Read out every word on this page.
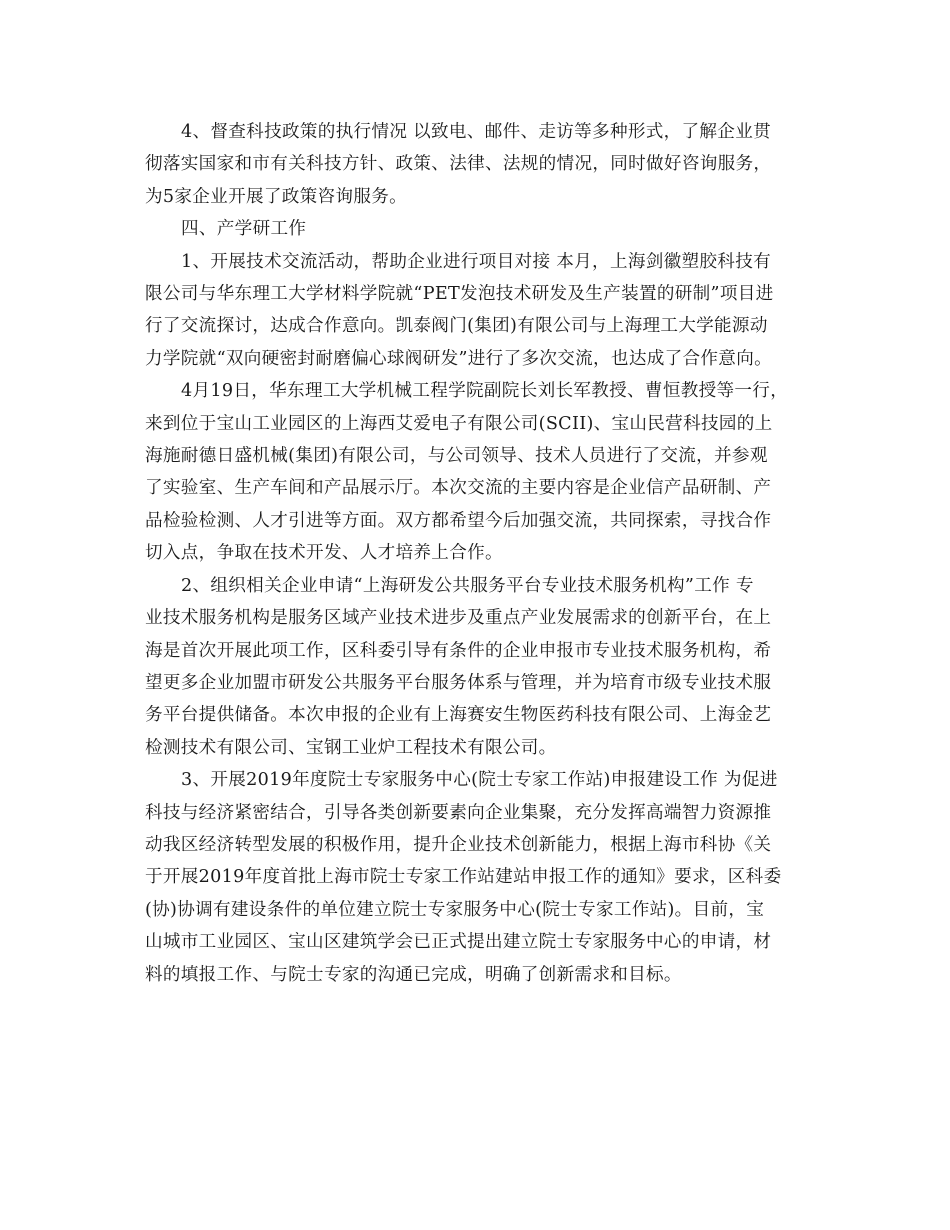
4、督查科技政策的执行情况 以致电、邮件、走访等多种形式，了解企业贯
彻落实国家和市有关科技方针、政策、法律、法规的情况，同时做好咨询服务，
为5家企业开展了政策咨询服务。

四、产学研工作

1、开展技术交流活动，帮助企业进行项目对接 本月，上海剑徽塑胶科技有
限公司与华东理工大学材料学院就“PET发泡技术研发及生产装置的研制”项目进
行了交流探讨，达成合作意向。凯泰阀门(集团)有限公司与上海理工大学能源动
力学院就“双向硬密封耐磨偏心球阀研发”进行了多次交流，也达成了合作意向。

4月19日，华东理工大学机械工程学院副院长刘长军教授、曹恒教授等一行，
来到位于宝山工业园区的上海西艾爱电子有限公司(SCII)、宝山民营科技园的上
海施耐德日盛机械(集团)有限公司，与公司领导、技术人员进行了交流，并参观
了实验室、生产车间和产品展示厅。本次交流的主要内容是企业信产品研制、产
品检验检测、人才引进等方面。双方都希望今后加强交流，共同探索，寻找合作
切入点，争取在技术开发、人才培养上合作。

2、组织相关企业申请“上海研发公共服务平台专业技术服务机构”工作 专
业技术服务机构是服务区域产业技术进步及重点产业发展需求的创新平台，在上
海是首次开展此项工作，区科委引导有条件的企业申报市专业技术服务机构，希
望更多企业加盟市研发公共服务平台服务体系与管理，并为培育市级专业技术服
务平台提供储备。本次申报的企业有上海赛安生物医药科技有限公司、上海金艺
检测技术有限公司、宝钢工业炉工程技术有限公司。

3、开展2019年度院士专家服务中心(院士专家工作站)申报建设工作 为促进
科技与经济紧密结合，引导各类创新要素向企业集聚，充分发挥高端智力资源推
动我区经济转型发展的积极作用，提升企业技术创新能力，根据上海市科协《关
于开展2019年度首批上海市院士专家工作站建站申报工作的通知》要求，区科委
(协)协调有建设条件的单位建立院士专家服务中心(院士专家工作站)。目前，宝
山城市工业园区、宝山区建筑学会已正式提出建立院士专家服务中心的申请，材
料的填报工作、与院士专家的沟通已完成，明确了创新需求和目标。
